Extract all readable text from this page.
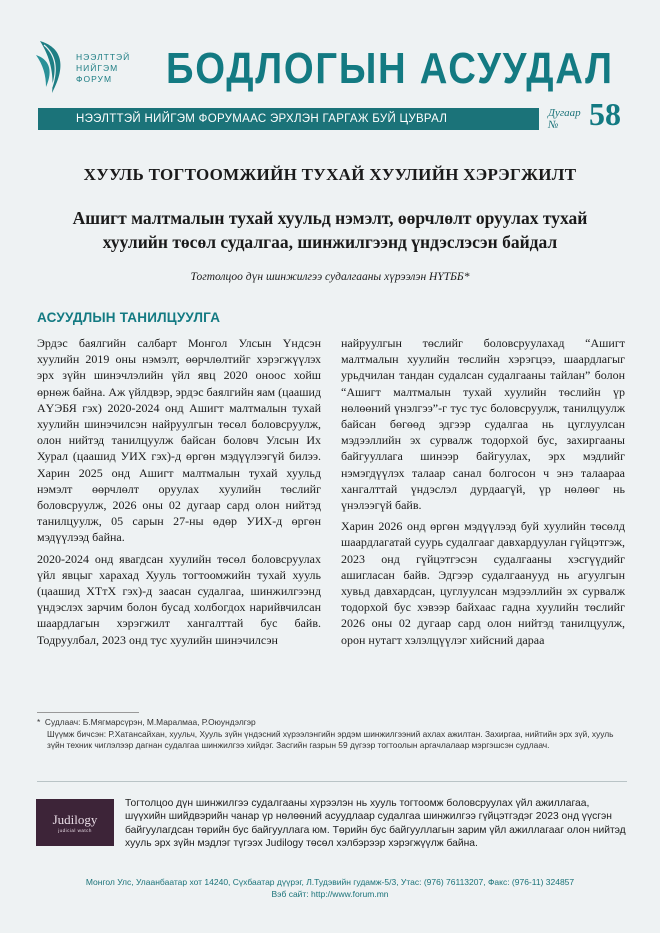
НЭЭЛТТЭЙ
НИЙГЭМ
ФОРУМ	БОДЛОГЫН АСУУДАЛ
НЭЭЛТТЭЙ НИЙГЭМ ФОРУМААС ЭРХЛЭН ГАРГАЖ БУЙ ЦУВРАЛ	Дугаар
№ 58
ХУУЛЬ ТОГТООМЖИЙН ТУХАЙ ХУУЛИЙН ХЭРЭГЖИЛТ
Ашигт малтмалын тухай хуульд нэмэлт, өөрчлөлт оруулах тухай
хуулийн төсөл судалгаа, шинжилгээнд үндэслэсэн байдал
Тогтолцоо дүн шинжилгээ судалгааны хүрээлэн НҮТББ*
АСУУДЛЫН ТАНИЛЦУУЛГА

Эрдэс баялгийн салбарт Монгол Улсын Үндсэн хуулийн 2019 оны нэмэлт, өөрчлөлтийг хэрэгжүүлэх эрх зүйн шинэчлэлийн үйл явц 2020 оноос хойш өрнөж байна. Аж үйлдвэр, эрдэс баялгийн яам (цаашид АҮЭБЯ гэх) 2020-2024 онд Ашигт малтмалын тухай хуулийн шинэчилсэн найруулгын төсөл боловсруулж, олон нийтэд танилцуулж байсан боловч Улсын Их Хурал (цаашид УИХ гэх)-д өргөн мэдүүлээгүй билээ. Харин 2025 онд Ашигт малтмалын тухай хуульд нэмэлт өөрчлөлт оруулах хуулийн төслийг боловсруулж, 2026 оны 02 дугаар сард олон нийтэд танилцуулж, 05 сарын 27-ны өдөр УИХ-д өргөн мэдүүлээд байна.

2020-2024 онд явагдсан хуулийн төсөл боловсруулах үйл явцыг харахад Хууль тогтоомжийн тухай хууль (цаашид ХТтХ гэх)-д заасан судалгаа, шинжилгээнд үндэслэх зарчим болон бусад холбогдох нарийвчилсан шаардлагын хэрэгжилт хангалттай бус байв. Тодруулбал, 2023 онд тус хуулийн шинэчилсэн

найруулгын төслийг боловсруулахад “Ашигт малтмалын хуулийн төслийн хэрэгцээ, шаардлагыг урьдчилан тандан судалсан судалгааны тайлан” болон “Ашигт малтмалын тухай хуулийн төслийн үр нөлөөний үнэлгээ”-г тус тус боловсруулж, танилцуулж байсан бөгөөд эдгээр судалгаа нь цуглуулсан мэдээллийн эх сурвалж тодорхой бус, захиргааны байгууллага шинээр байгуулах, эрх мэдлийг нэмэгдүүлэх талаар санал болгосон ч энэ талаараа хангалттай үндэслэл дурдаагүй, үр нөлөөг нь үнэлээгүй байв.

Харин 2026 онд өргөн мэдүүлээд буй хуулийн төсөлд шаардлагатай суурь судалгааг давхардуулан гүйцэтгэж, 2023 онд гүйцэтгэсэн судалгааны хэсгүүдийг ашигласан байв. Эдгээр судалгаанууд нь агуулгын хувьд давхардсан, цуглуулсан мэдээллийн эх сурвалж тодорхой бус хэвээр байхаас гадна хуулийн төслийг 2026 оны 02 дугаар сард олон нийтэд танилцуулж, орон нутагт хэлэлцүүлэг хийсний дараа

* Судлаач: Б.Мягмарсүрэн, М.Маралмаа, Р.Оюундэлгэр
Шүүмж бичсэн: Р.Хатансайхан, хуульч, Хууль зүйн үндэсний хүрээлэнгийн эрдэм шинжилгээний ахлах ажилтан. Захиргаа, нийтийн эрх зүй, хууль зүйн техник чиглэлээр дагнан судалгаа шинжилгээ хийдэг. Засгийн газрын 59 дүгээр тогтоолын аргачлалаар мэргэшсэн судлаач.
Judilogy
judicial watch
Тогтолцоо дүн шинжилгээ судалгааны хүрээлэн нь хууль тогтоомж боловсруулах үйл ажиллагаа, шүүхийн шийдвэрийн чанар үр нөлөөний асуудлаар судалгаа шинжилгээ гүйцэтгэдэг 2023 онд үүсгэн байгуулагдсан төрийн бус байгууллага юм. Төрийн бус байгууллагын зарим үйл ажиллагааг олон нийтэд хууль эрх зүйн мэдлэг түгээх Judilogy төсөл хэлбэрээр хэрэгжүүлж байна.
Монгол Улс, Улаанбаатар хот 14240, Сүхбаатар дүүрэг, Л.Тудэвийн гудамж-5/3, Утас: (976) 76113207, Факс: (976-11) 324857
Вэб сайт: http://www.forum.mn
